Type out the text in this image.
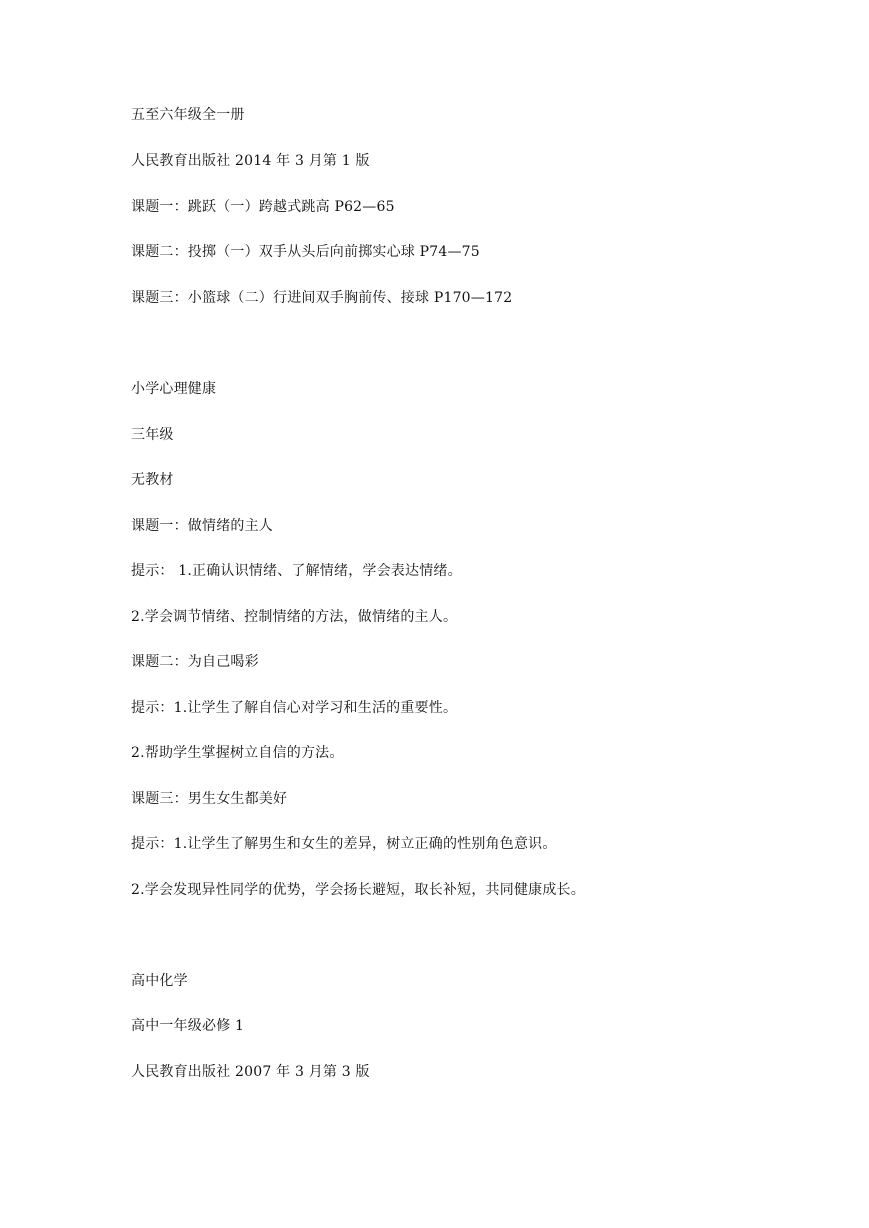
五至六年级全一册
人民教育出版社 2014 年 3 月第 1 版
课题一：跳跃（一）跨越式跳高 P62—65
课题二：投掷（一）双手从头后向前掷实心球 P74—75
课题三：小篮球（二）行进间双手胸前传、接球 P170—172
小学心理健康
三年级
无教材
课题一：做情绪的主人
提示： 1.正确认识情绪、了解情绪，学会表达情绪。
2.学会调节情绪、控制情绪的方法，做情绪的主人。
课题二：为自己喝彩
提示：1.让学生了解自信心对学习和生活的重要性。
2.帮助学生掌握树立自信的方法。
课题三：男生女生都美好
提示：1.让学生了解男生和女生的差异，树立正确的性别角色意识。
2.学会发现异性同学的优势，学会扬长避短，取长补短，共同健康成长。
高中化学
高中一年级必修 1
人民教育出版社 2007 年 3 月第 3 版
